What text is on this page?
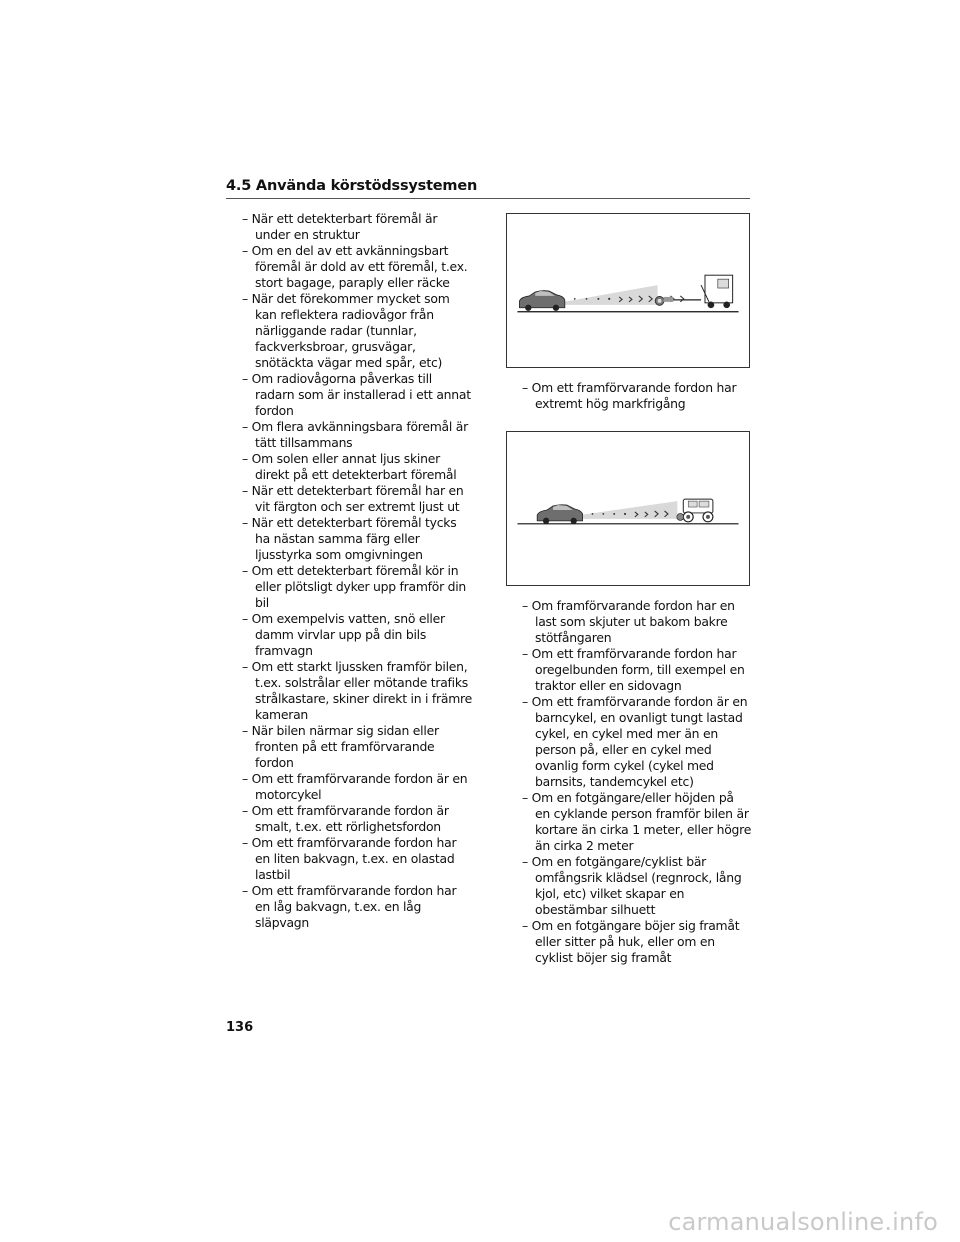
4.5 Använda körstödssystemen

– När ett detekterbart föremål är under en struktur

– Om en del av ett avkänningsbart föremål är dold av ett föremål, t.ex. stort bagage, paraply eller räcke

– När det förekommer mycket som kan reflektera radiovågor från närliggande radar (tunnlar, fackverksbroar, grusvägar, snötäckta vägar med spår, etc)

– Om radiovågorna påverkas till radarn som är installerad i ett annat fordon

– Om flera avkänningsbara föremål är tätt tillsammans

– Om solen eller annat ljus skiner direkt på ett detekterbart föremål

– När ett detekterbart föremål har en vit färgton och ser extremt ljust ut

– När ett detekterbart föremål tycks ha nästan samma färg eller ljusstyrka som omgivningen

– Om ett detekterbart föremål kör in eller plötsligt dyker upp framför din bil

– Om exempelvis vatten, snö eller damm virvlar upp på din bils framvagn

– Om ett starkt ljussken framför bilen, t.ex. solstrålar eller mötande trafiks strålkastare, skiner direkt in i främre kameran

– När bilen närmar sig sidan eller fronten på ett framförvarande fordon

– Om ett framförvarande fordon är en motorcykel

– Om ett framförvarande fordon är smalt, t.ex. ett rörlighetsfordon

– Om ett framförvarande fordon har en liten bakvagn, t.ex. en olastad lastbil

– Om ett framförvarande fordon har en låg bakvagn, t.ex. en låg släpvagn

– Om ett framförvarande fordon har extremt hög markfrigång

– Om framförvarande fordon har en last som skjuter ut bakom bakre stötfångaren

– Om ett framförvarande fordon har oregelbunden form, till exempel en traktor eller en sidovagn

– Om ett framförvarande fordon är en barncykel, en ovanligt tungt lastad cykel, en cykel med mer än en person på, eller en cykel med ovanlig form cykel (cykel med barnsits, tandemcykel etc)

– Om en fotgängare/eller höjden på en cyklande person framför bilen är kortare än cirka 1 meter, eller högre än cirka 2 meter

– Om en fotgängare/cyklist bär omfångsrik klädsel (regnrock, lång kjol, etc) vilket skapar en obestämbar silhuett

– Om en fotgängare böjer sig framåt eller sitter på huk, eller om en cyklist böjer sig framåt

136
carmanualsonline.info
